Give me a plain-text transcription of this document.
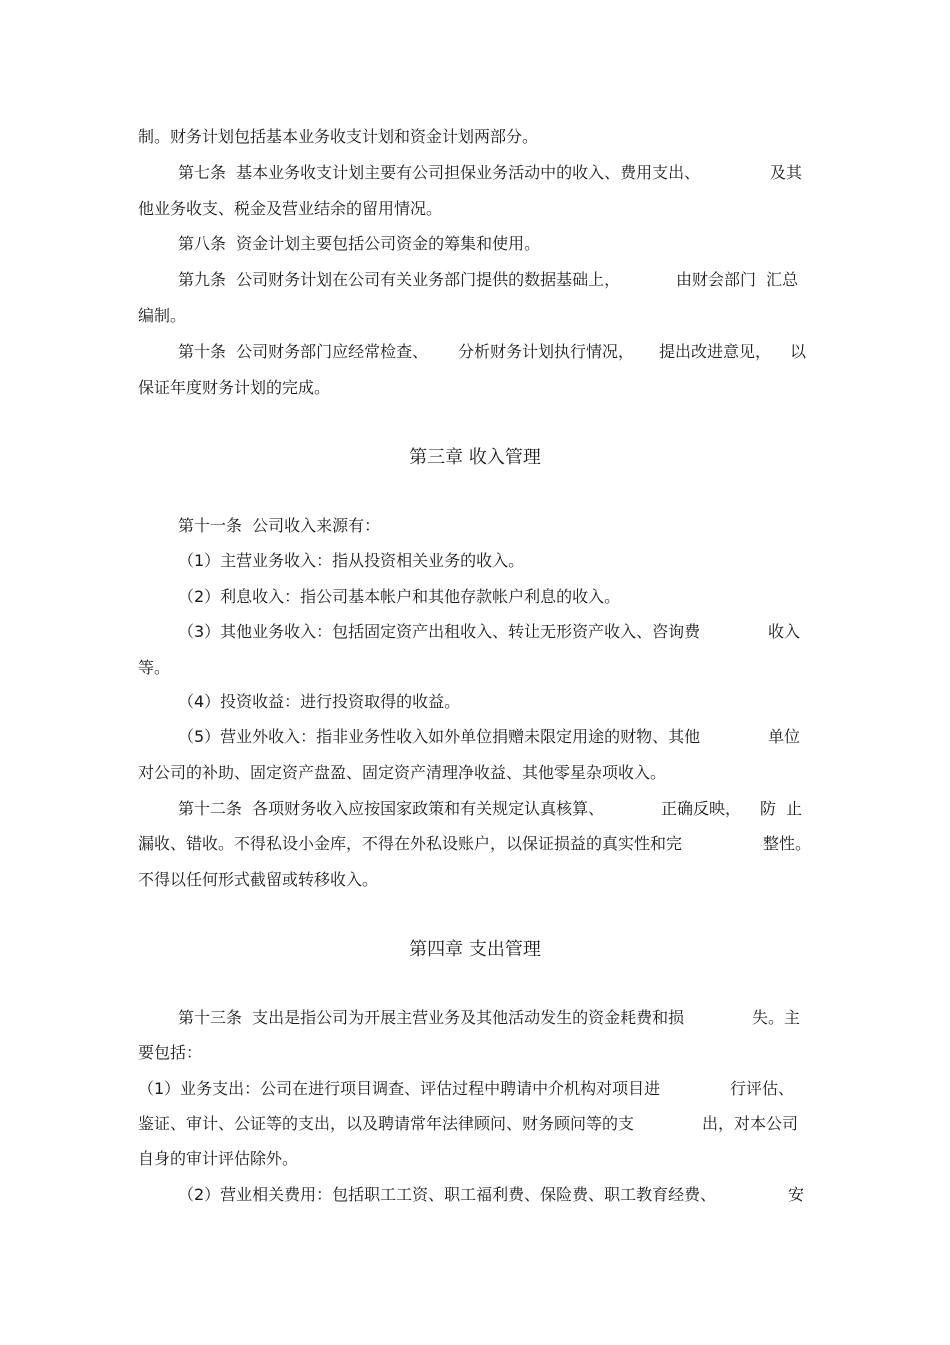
制。财务计划包括基本业务收支计划和资金计划两部分。
第七条  基本业务收支计划主要有公司担保业务活动中的收入、费用支出、	及其
他业务收支、税金及营业结余的留用情况。
第八条  资金计划主要包括公司资金的筹集和使用。
第九条  公司财务计划在公司有关业务部门提供的数据基础上，	由财会部门  汇总
编制。
第十条  公司财务部门应经常检查、 分析财务计划执行情况， 提出改进意见， 以
保证年度财务计划的完成。
第三章 收入管理
第十一条  公司收入来源有：
（1）主营业务收入：指从投资相关业务的收入。
（2）利息收入：指公司基本帐户和其他存款帐户利息的收入。
（3）其他业务收入：包括固定资产出租收入、转让无形资产收入、咨询费	收入
等。
（4）投资收益：进行投资取得的收益。
（5）营业外收入：指非业务性收入如外单位捐赠未限定用途的财物、其他	单位
对公司的补助、固定资产盘盈、固定资产清理净收益、其他零星杂项收入。
第十二条  各项财务收入应按国家政策和有关规定认真核算、	正确反映， 防  止
漏收、错收。不得私设小金库，不得在外私设账户，以保证损益的真实性和完	整性。
不得以任何形式截留或转移收入。
第四章 支出管理
第十三条  支出是指公司为开展主营业务及其他活动发生的资金耗费和损	失。主
要包括：
（1）业务支出：公司在进行项目调查、评估过程中聘请中介机构对项目进	行评估、
鉴证、审计、公证等的支出，以及聘请常年法律顾问、财务顾问等的支	出，对本公司
自身的审计评估除外。
（2）营业相关费用：包括职工工资、职工福利费、保险费、职工教育经费、	安
